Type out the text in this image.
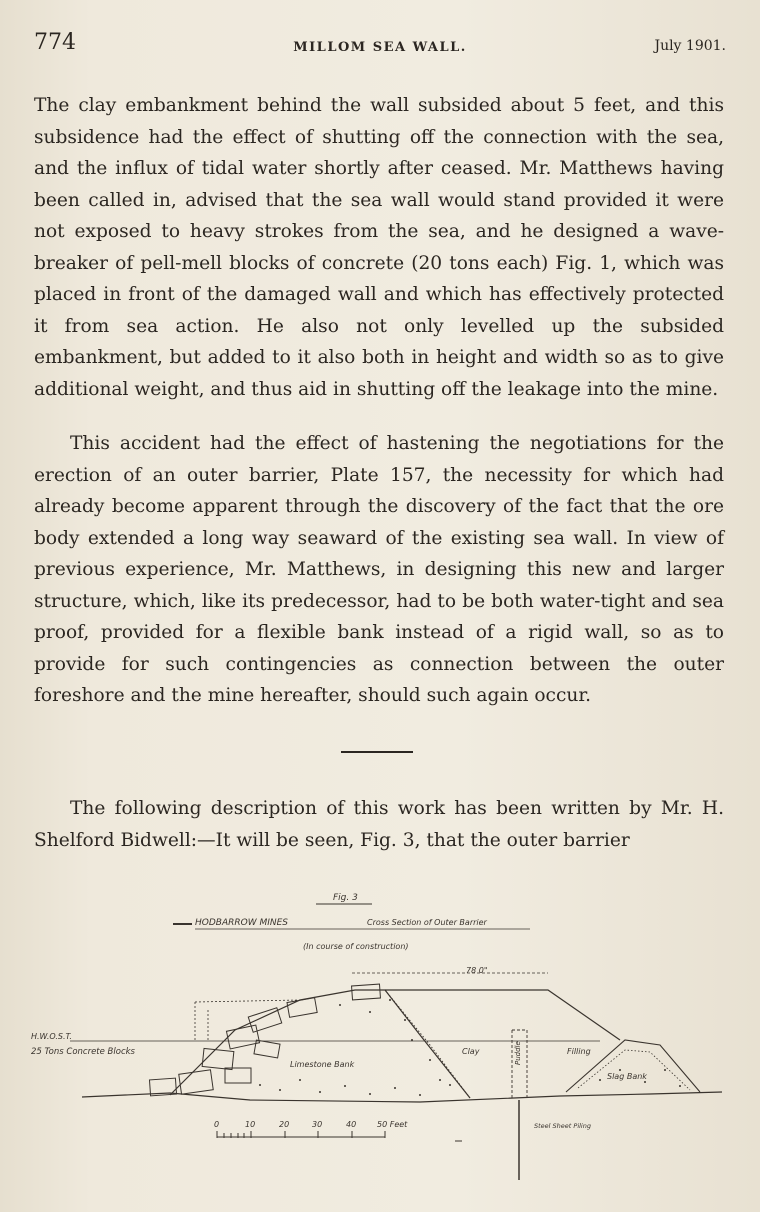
774	MILLOM SEA WALL.	July 1901.

The clay embankment behind the wall subsided about 5 feet, and this subsidence had the effect of shutting off the connection with the sea, and the influx of tidal water shortly after ceased. Mr. Matthews having been called in, advised that the sea wall would stand provided it were not exposed to heavy strokes from the sea, and he designed a wave-breaker of pell-mell blocks of concrete (20 tons each) Fig. 1, which was placed in front of the damaged wall and which has effectively protected it from sea action. He also not only levelled up the subsided embankment, but added to it also both in height and width so as to give additional weight, and thus aid in shutting off the leakage into the mine.

This accident had the effect of hastening the negotiations for the erection of an outer barrier, Plate 157, the necessity for which had already become apparent through the discovery of the fact that the ore body extended a long way seaward of the existing sea wall. In view of previous experience, Mr. Matthews, in designing this new and larger structure, which, like its predecessor, had to be both water-tight and sea proof, provided for a flexible bank instead of a rigid wall, so as to provide for such contingencies as connection between the outer foreshore and the mine hereafter, should such again occur.

The following description of this work has been written by Mr. H. Shelford Bidwell:—It will be seen, Fig. 3, that the outer barrier

Fig. 3
HODBARROW MINES	Cross Section of Outer Barrier
(In course of construction)
78 0"
H.W.O.S.T.
25 Tons Concrete Blocks
Limestone Bank
Clay	Filling
Slag Bank
Puddle
Steel Sheet Piling
0	10	20	30	40	50 Feet
